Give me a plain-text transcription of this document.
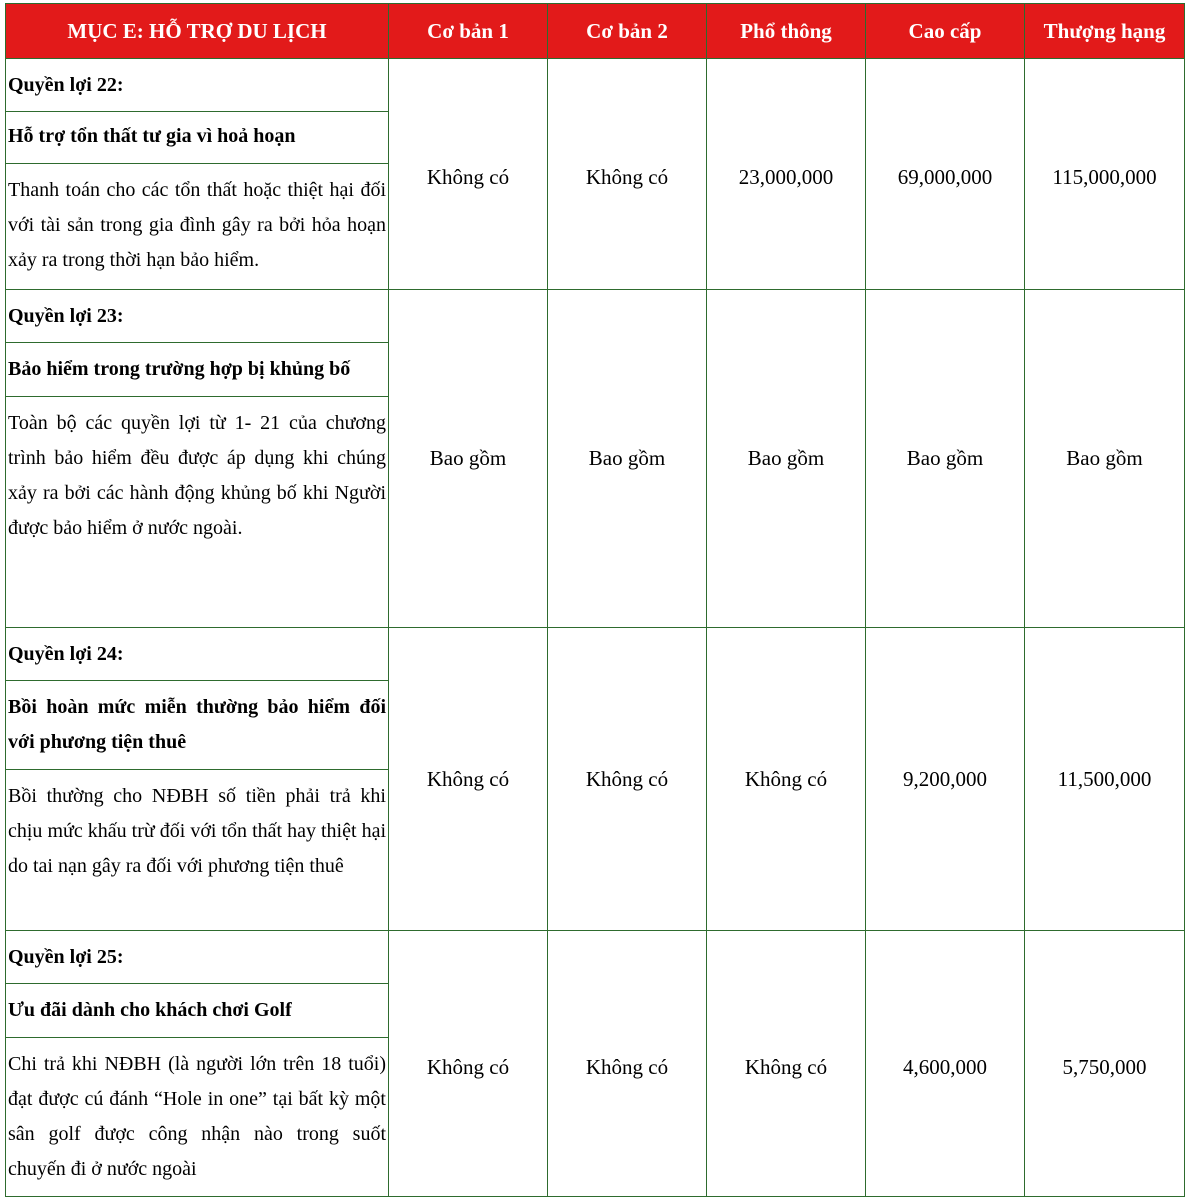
MỤC E: HỖ TRỢ DU LỊCH	Cơ bản 1	Cơ bản 2	Phổ thông	Cao cấp	Thượng hạng

Quyền lợi 22:
Hỗ trợ tổn thất tư gia vì hoả hoạn
Thanh toán cho các tổn thất hoặc thiệt hại đối với tài sản trong gia đình gây ra bởi hỏa hoạn xảy ra trong thời hạn bảo hiểm.	Không có	Không có	23,000,000	69,000,000	115,000,000

Quyền lợi 23:
Bảo hiểm trong trường hợp bị khủng bố
Toàn bộ các quyền lợi từ 1- 21 của chương trình bảo hiểm đều được áp dụng khi chúng xảy ra bởi các hành động khủng bố khi Người được bảo hiểm ở nước ngoài.	Bao gồm	Bao gồm	Bao gồm	Bao gồm	Bao gồm

Quyền lợi 24:
Bồi hoàn mức miễn thường bảo hiểm đối với phương tiện thuê
Bồi thường cho NĐBH số tiền phải trả khi chịu mức khấu trừ đối với tổn thất hay thiệt hại do tai nạn gây ra đối với phương tiện thuê	Không có	Không có	Không có	9,200,000	11,500,000

Quyền lợi 25:
Ưu đãi dành cho khách chơi Golf
Chi trả khi NĐBH (là người lớn trên 18 tuổi) đạt được cú đánh “Hole in one” tại bất kỳ một sân golf được công nhận nào trong suốt chuyến đi ở nước ngoài	Không có	Không có	Không có	4,600,000	5,750,000
